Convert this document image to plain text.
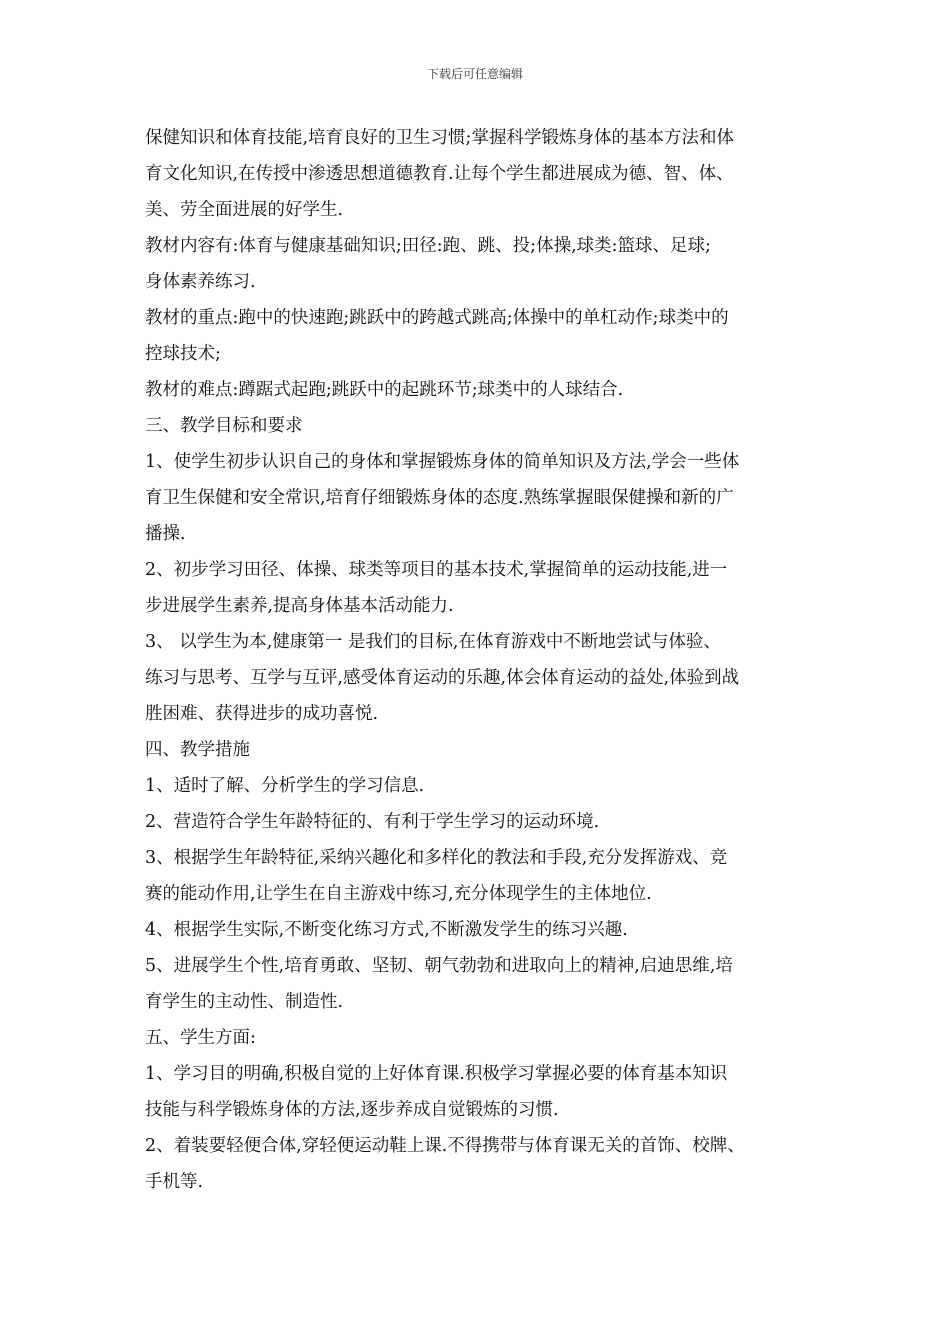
下载后可任意编辑
保健知识和体育技能,培育良好的卫生习惯;掌握科学锻炼身体的基本方法和体
育文化知识,在传授中渗透思想道德教育.让每个学生都进展成为德、智、体、
美、劳全面进展的好学生.
教材内容有:体育与健康基础知识;田径:跑、跳、投;体操,球类:篮球、足球;
身体素养练习.
教材的重点:跑中的快速跑;跳跃中的跨越式跳高;体操中的单杠动作;球类中的
控球技术;
教材的难点:蹲踞式起跑;跳跃中的起跳环节;球类中的人球结合.
三、教学目标和要求
1、使学生初步认识自己的身体和掌握锻炼身体的简单知识及方法,学会一些体
育卫生保健和安全常识,培育仔细锻炼身体的态度.熟练掌握眼保健操和新的广
播操.
2、初步学习田径、体操、球类等项目的基本技术,掌握简单的运动技能,进一
步进展学生素养,提高身体基本活动能力.
3、 以学生为本,健康第一 是我们的目标,在体育游戏中不断地尝试与体验、
练习与思考、互学与互评,感受体育运动的乐趣,体会体育运动的益处,体验到战
胜困难、获得进步的成功喜悦.
四、教学措施
1、适时了解、分析学生的学习信息.
2、营造符合学生年龄特征的、有利于学生学习的运动环境.
3、根据学生年龄特征,采纳兴趣化和多样化的教法和手段,充分发挥游戏、竞
赛的能动作用,让学生在自主游戏中练习,充分体现学生的主体地位.
4、根据学生实际,不断变化练习方式,不断激发学生的练习兴趣.
5、进展学生个性,培育勇敢、坚韧、朝气勃勃和进取向上的精神,启迪思维,培
育学生的主动性、制造性.
五、学生方面:
1、学习目的明确,积极自觉的上好体育课.积极学习掌握必要的体育基本知识
技能与科学锻炼身体的方法,逐步养成自觉锻炼的习惯.
2、着装要轻便合体,穿轻便运动鞋上课.不得携带与体育课无关的首饰、校牌、
手机等.
